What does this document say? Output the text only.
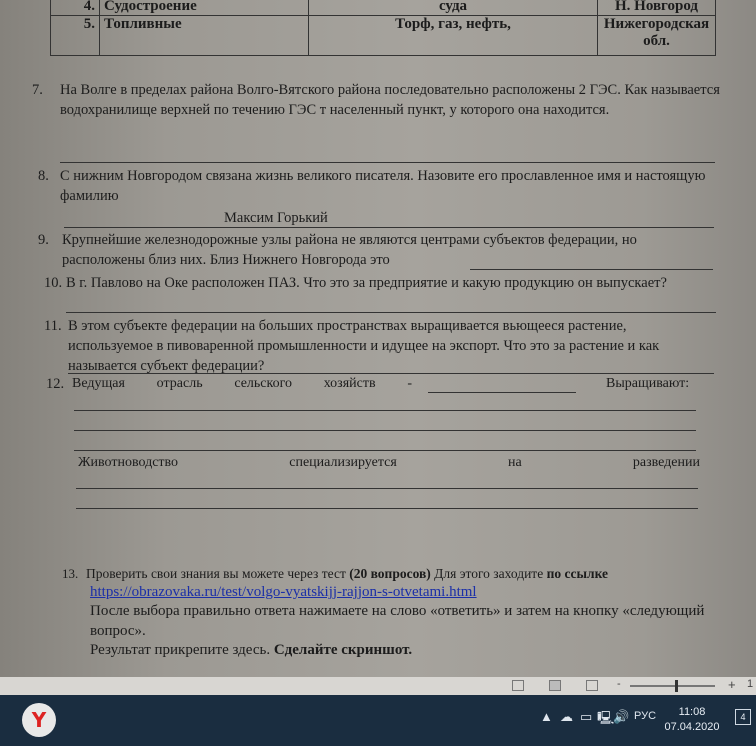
4.	Судостроение	суда	Н. Новгород
5.	Топливные	Торф, газ, нефть,	Нижегородская обл.
7. На Волге в пределах района Волго-Вятского района последовательно расположены 2 ГЭС. Как называется водохранилище верхней по течению ГЭС т населенный пункт, у которого она находится.
8. С нижним Новгородом связана жизнь великого писателя. Назовите его прославленное имя и настоящую фамилию
Максим Горький
9. Крупнейшие железнодорожные узлы района не являются центрами субъектов федерации, но расположены близ них. Близ Нижнего Новгорода это
10. В г. Павлово на Оке расположен ПАЗ. Что это за предприятие и какую продукцию он выпускает?
11. В этом субъекте федерации на больших пространствах выращивается вьющееся растение, используемое в пивоваренной промышленности и идущее на экспорт. Что это за растение и как называется субъект федерации?
12. Ведущая отрасль сельского хозяйств -	Выращивают:
Животноводство	специализируется	на	разведении
13. Проверить свои знания вы можете через тест (20 вопросов) Для этого заходите по ссылке
https://obrazovaka.ru/test/volgo-vyatskijj-rajjon-s-otvetami.html
После выбора правильно ответа нажимаете на слово «ответить» и затем на кнопку «следующий вопрос».
Результат прикрепите здесь. Сделайте скриншот.
-	+ 1
Y	▲ ☁ ▭ 🖳
🔊 РУС	11:08
07.04.2020
4
